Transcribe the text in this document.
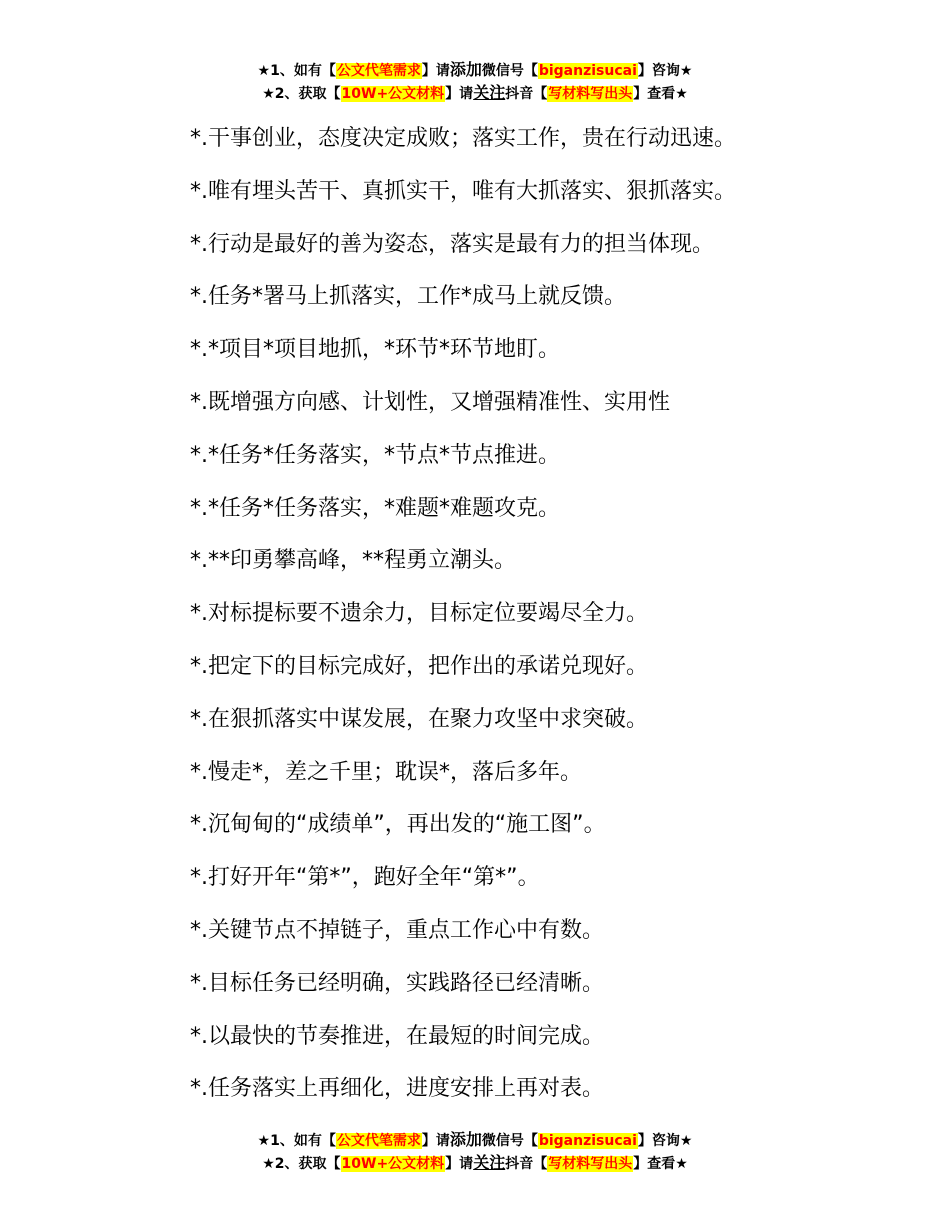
★1、如有【公文代笔需求】请添加微信号【biganzisucai】咨询★
★2、获取【10W+公文材料】请关注抖音【写材料写出头】查看★
*.干事创业，态度决定成败；落实工作，贵在行动迅速。
*.唯有埋头苦干、真抓实干，唯有大抓落实、狠抓落实。
*.行动是最好的善为姿态，落实是最有力的担当体现。
*.任务*署马上抓落实，工作*成马上就反馈。
*.*项目*项目地抓，*环节*环节地盯。
*.既增强方向感、计划性，又增强精准性、实用性
*.*任务*任务落实，*节点*节点推进。
*.*任务*任务落实，*难题*难题攻克。
*.**印勇攀高峰，**程勇立潮头。
*.对标提标要不遗余力，目标定位要竭尽全力。
*.把定下的目标完成好，把作出的承诺兑现好。
*.在狠抓落实中谋发展，在聚力攻坚中求突破。
*.慢走*，差之千里；耽误*，落后多年。
*.沉甸甸的“成绩单”，再出发的“施工图”。
*.打好开年“第*”，跑好全年“第*”。
*.关键节点不掉链子，重点工作心中有数。
*.目标任务已经明确，实践路径已经清晰。
*.以最快的节奏推进，在最短的时间完成。
*.任务落实上再细化，进度安排上再对表。
★1、如有【公文代笔需求】请添加微信号【biganzisucai】咨询★
★2、获取【10W+公文材料】请关注抖音【写材料写出头】查看★
